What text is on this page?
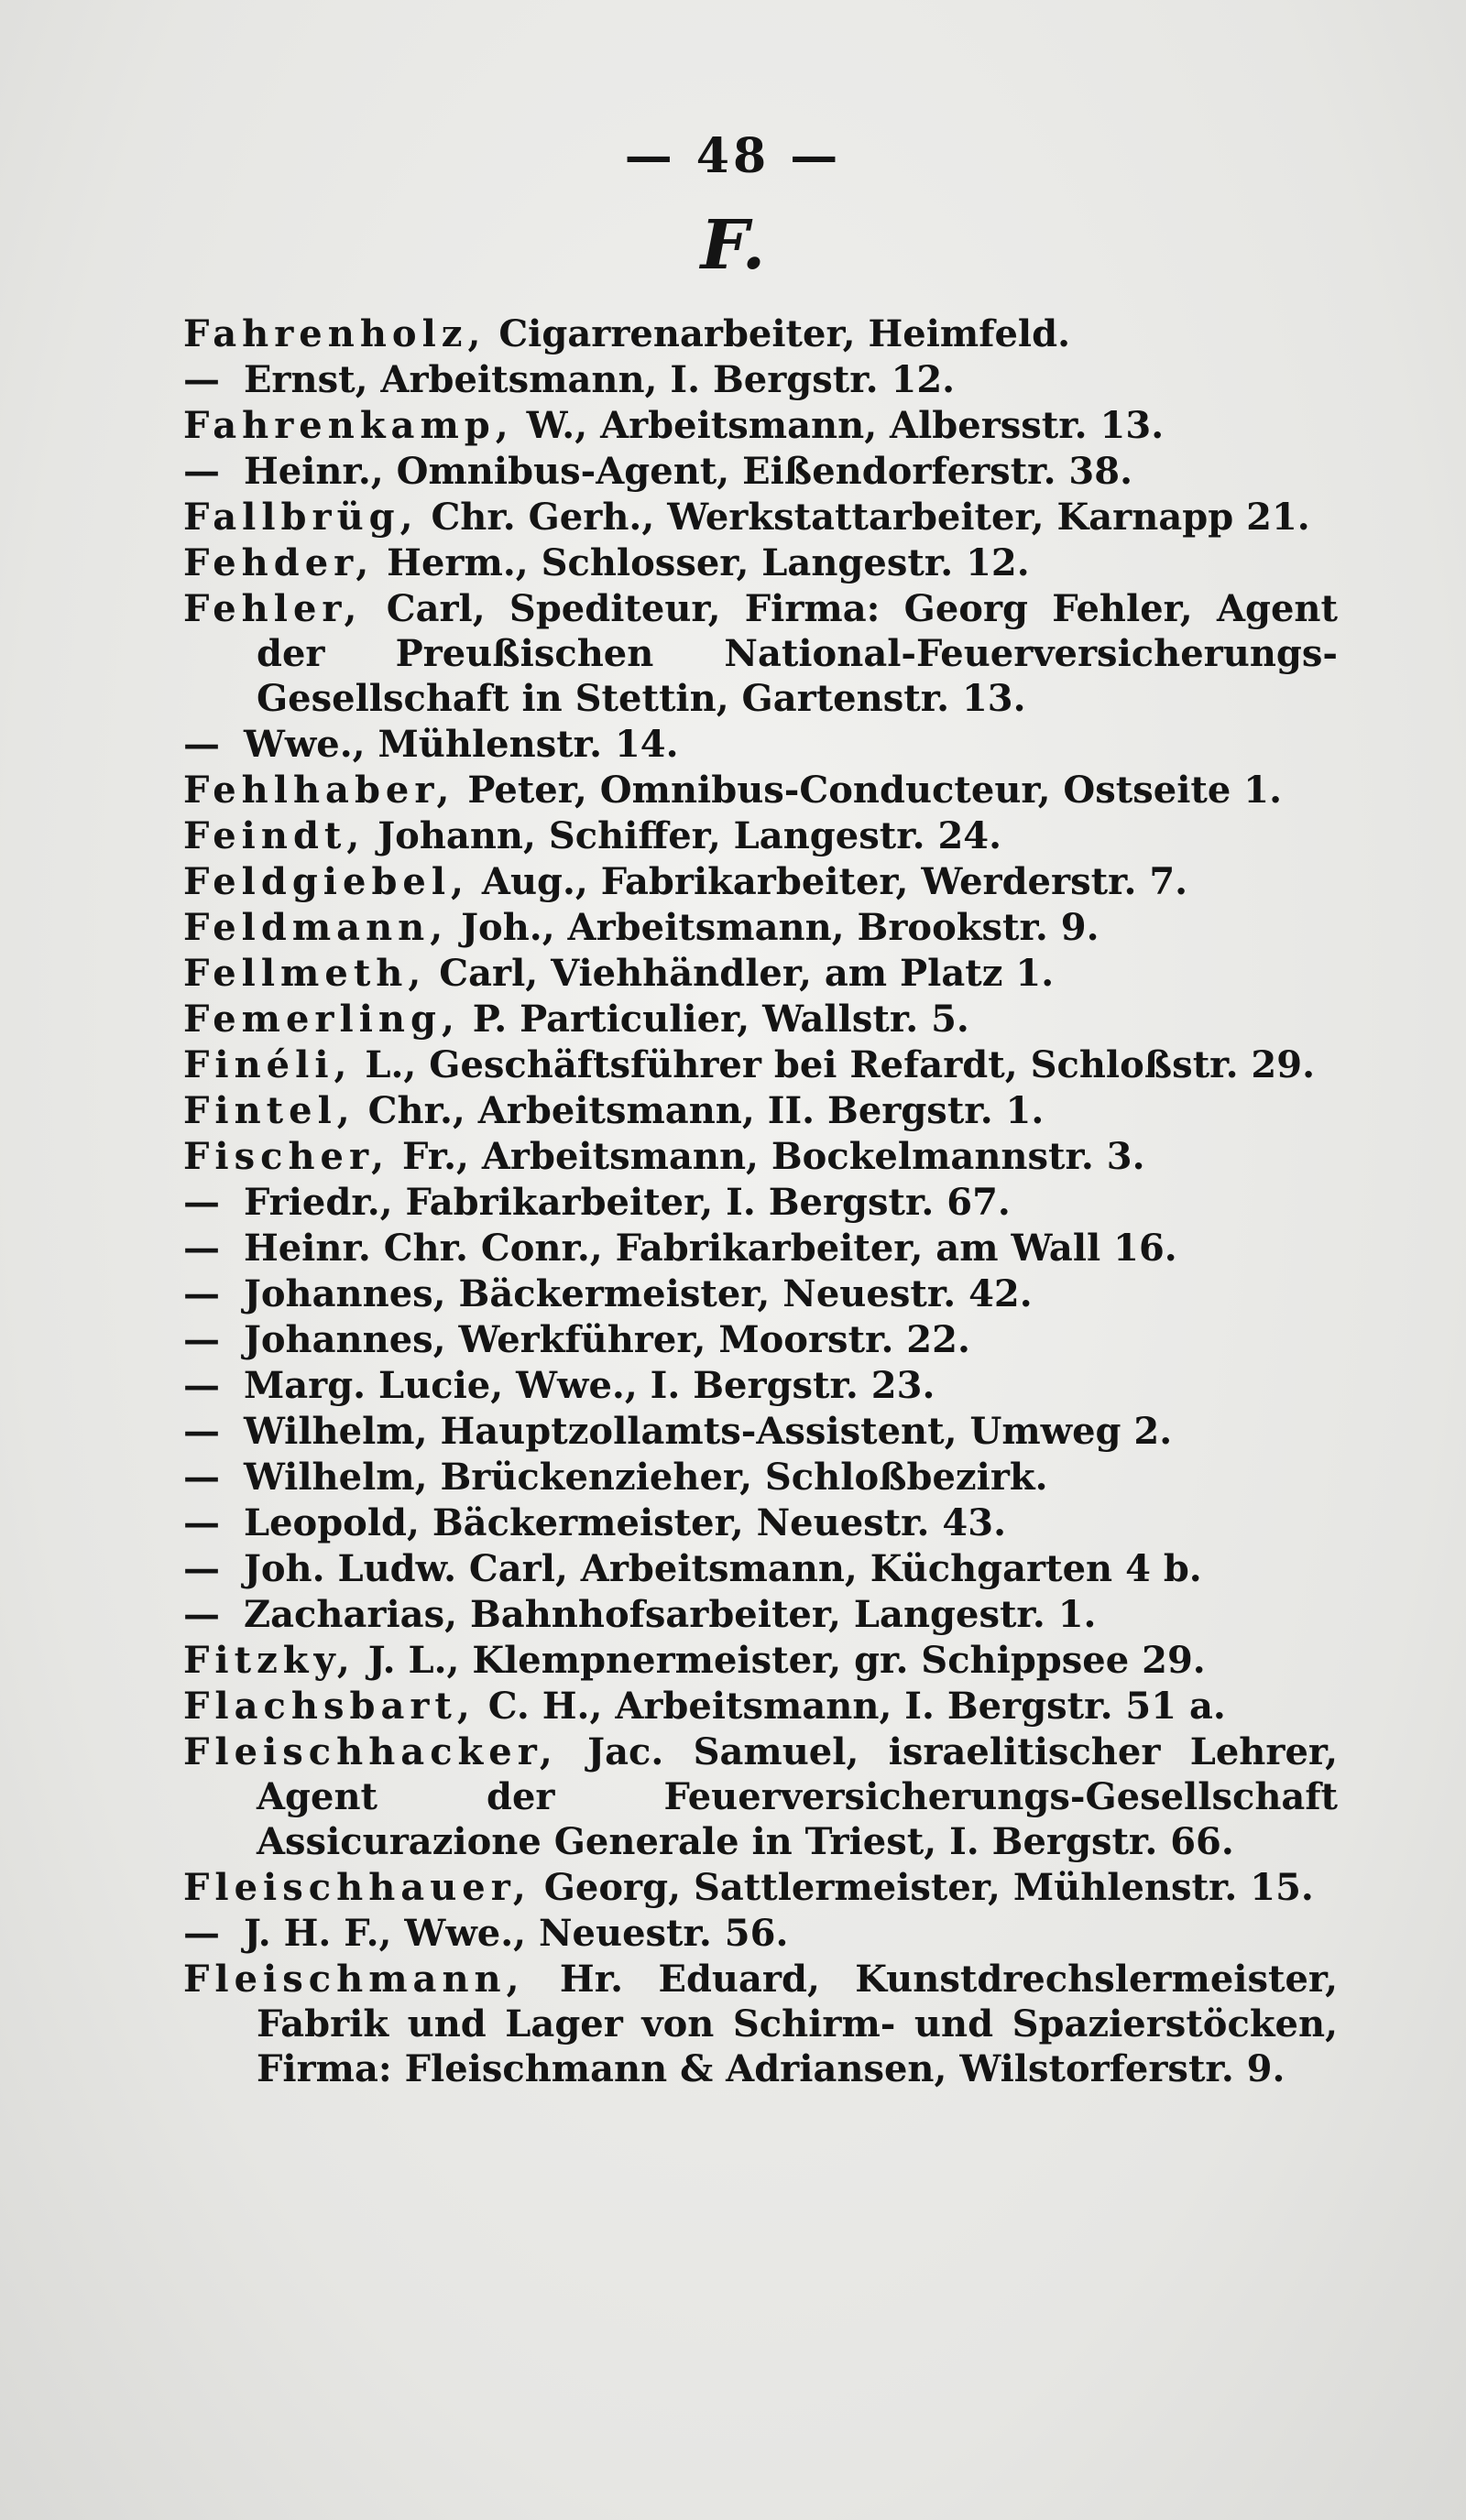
— 48 —
F.
Fahrenholz, Cigarrenarbeiter, Heimfeld.
— Ernst, Arbeitsmann, I. Bergstr. 12.
Fahrenkamp, W., Arbeitsmann, Albersstr. 13.
— Heinr., Omnibus-Agent, Eißendorferstr. 38.
Fallbrüg, Chr. Gerh., Werkstattarbeiter, Karnapp 21.
Fehder, Herm., Schlosser, Langestr. 12.
Fehler, Carl, Spediteur, Firma: Georg Fehler, Agent der Preußischen National-Feuerversicherungs-Gesellschaft in Stettin, Gartenstr. 13.
— Wwe., Mühlenstr. 14.
Fehlhaber, Peter, Omnibus-Conducteur, Ostseite 1.
Feindt, Johann, Schiffer, Langestr. 24.
Feldgiebel, Aug., Fabrikarbeiter, Werderstr. 7.
Feldmann, Joh., Arbeitsmann, Brookstr. 9.
Fellmeth, Carl, Viehhändler, am Platz 1.
Femerling, P. Particulier, Wallstr. 5.
Finéli, L., Geschäftsführer bei Refardt, Schloßstr. 29.
Fintel, Chr., Arbeitsmann, II. Bergstr. 1.
Fischer, Fr., Arbeitsmann, Bockelmannstr. 3.
— Friedr., Fabrikarbeiter, I. Bergstr. 67.
— Heinr. Chr. Conr., Fabrikarbeiter, am Wall 16.
— Johannes, Bäckermeister, Neuestr. 42.
— Johannes, Werkführer, Moorstr. 22.
— Marg. Lucie, Wwe., I. Bergstr. 23.
— Wilhelm, Hauptzollamts-Assistent, Umweg 2.
— Wilhelm, Brückenzieher, Schloßbezirk.
— Leopold, Bäckermeister, Neuestr. 43.
— Joh. Ludw. Carl, Arbeitsmann, Küchgarten 4 b.
— Zacharias, Bahnhofsarbeiter, Langestr. 1.
Fitzky, J. L., Klempnermeister, gr. Schippsee 29.
Flachsbart, C. H., Arbeitsmann, I. Bergstr. 51 a.
Fleischhacker, Jac. Samuel, israelitischer Lehrer, Agent der Feuerversicherungs-Gesellschaft Assicurazione Generale in Triest, I. Bergstr. 66.
Fleischhauer, Georg, Sattlermeister, Mühlenstr. 15.
— J. H. F., Wwe., Neuestr. 56.
Fleischmann, Hr. Eduard, Kunstdrechslermeister, Fabrik und Lager von Schirm- und Spazierstöcken, Firma: Fleischmann & Adriansen, Wilstorferstr. 9.
